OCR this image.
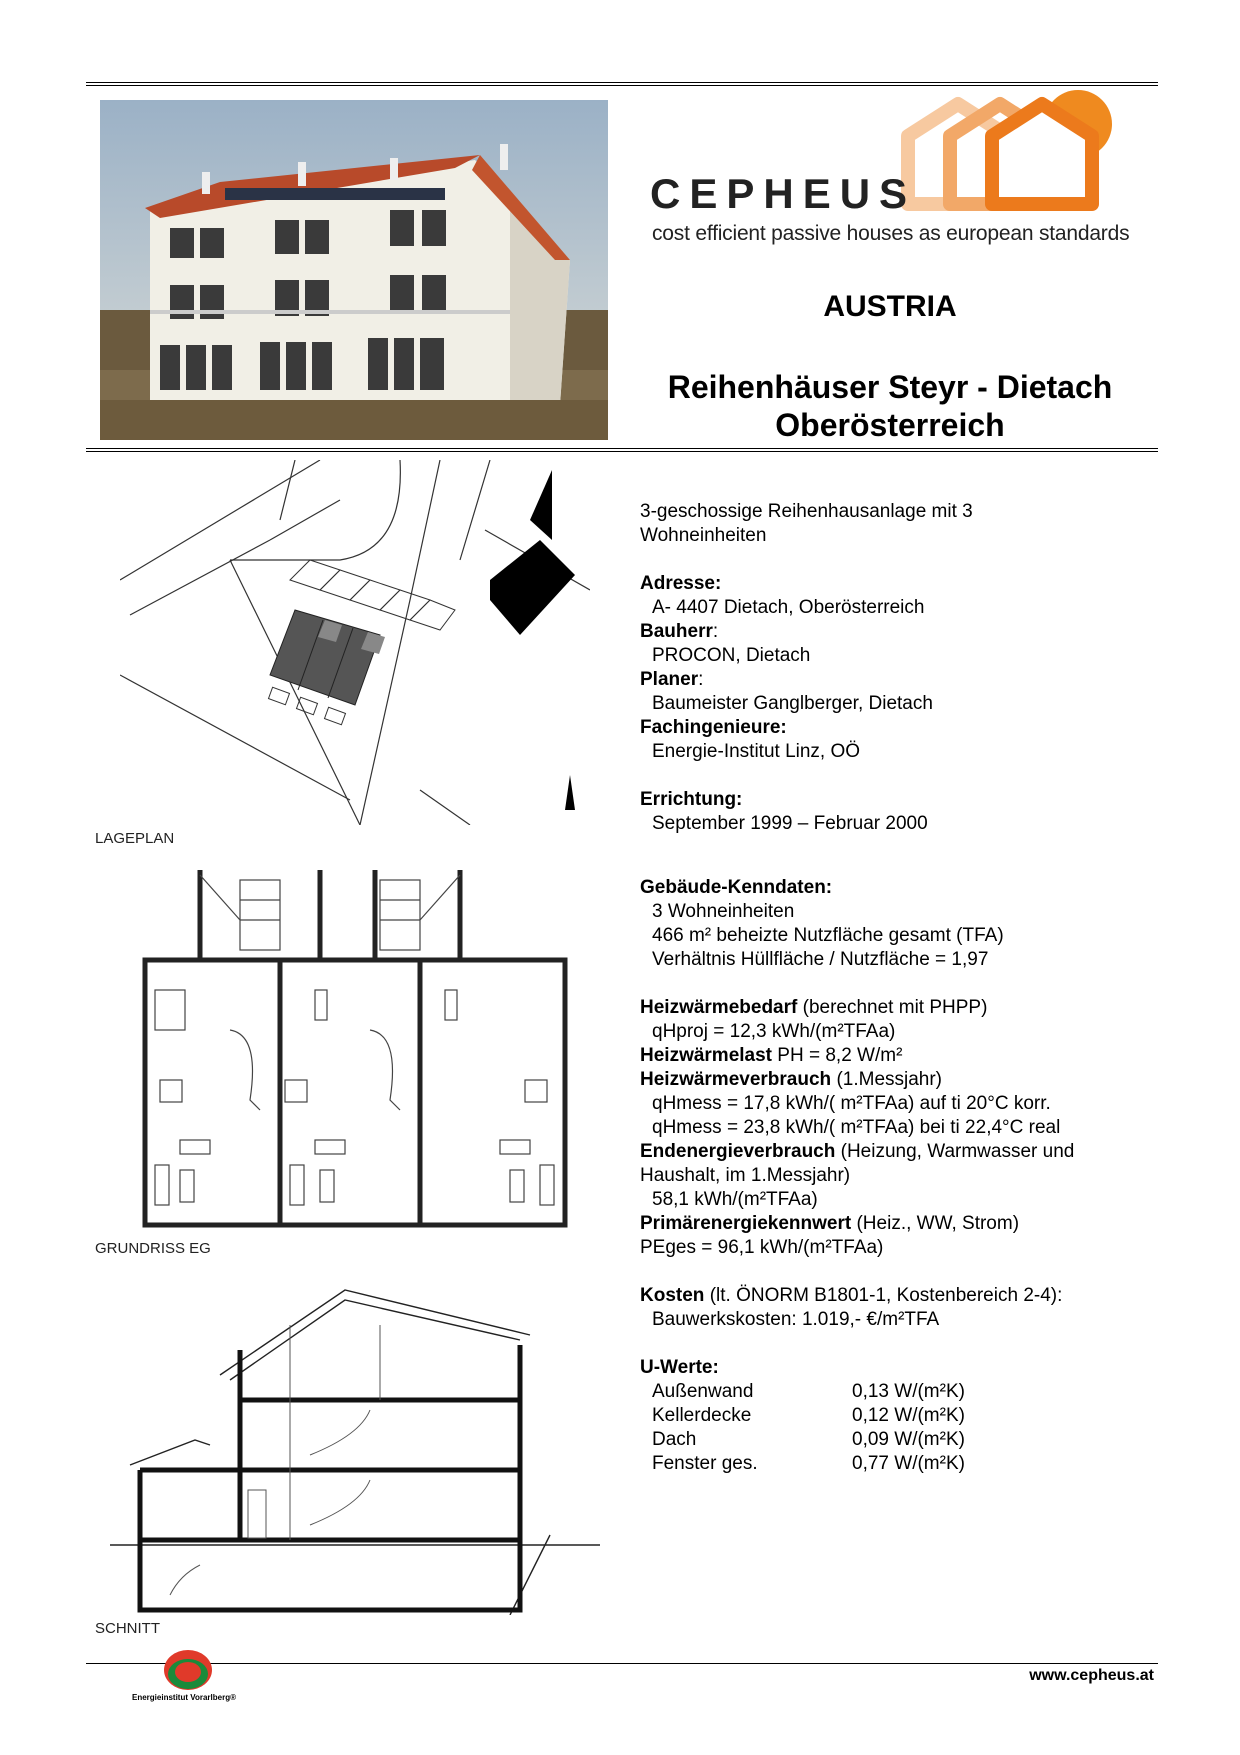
CEPHEUS
cost efficient passive houses as european standards
AUSTRIA
Reihenhäuser Steyr - Dietach
Oberösterreich
LAGEPLAN
GRUNDRISS EG
SCHNITT
3-geschossige Reihenhausanlage mit 3
Wohneinheiten
Adresse:
A- 4407 Dietach, Oberösterreich
Bauherr:
PROCON, Dietach
Planer:
Baumeister Ganglberger, Dietach
Fachingenieure:
Energie-Institut Linz, OÖ
Errichtung:
September 1999 – Februar 2000
Gebäude-Kenndaten:
3 Wohneinheiten
466 m² beheizte Nutzfläche gesamt (TFA)
Verhältnis Hüllfläche / Nutzfläche = 1,97
Heizwärmebedarf (berechnet mit PHPP)
qHproj = 12,3 kWh/(m²TFAa)
Heizwärmelast PH = 8,2 W/m²
Heizwärmeverbrauch (1.Messjahr)
qHmess = 17,8 kWh/( m²TFAa) auf ti 20°C korr.
qHmess = 23,8 kWh/( m²TFAa) bei ti 22,4°C real
Endenergieverbrauch (Heizung, Warmwasser und
Haushalt, im 1.Messjahr)
58,1 kWh/(m²TFAa)
Primärenergiekennwert (Heiz., WW, Strom)
PEges = 96,1 kWh/(m²TFAa)
Kosten (lt. ÖNORM B1801-1, Kostenbereich 2-4):
Bauwerkskosten: 1.019,- €/m²TFA
U-Werte:
Außenwand	0,13 W/(m²K)
Kellerdecke	0,12 W/(m²K)
Dach	0,09 W/(m²K)
Fenster ges.	0,77 W/(m²K)
Energieinstitut Vorarlberg®
www.cepheus.at
